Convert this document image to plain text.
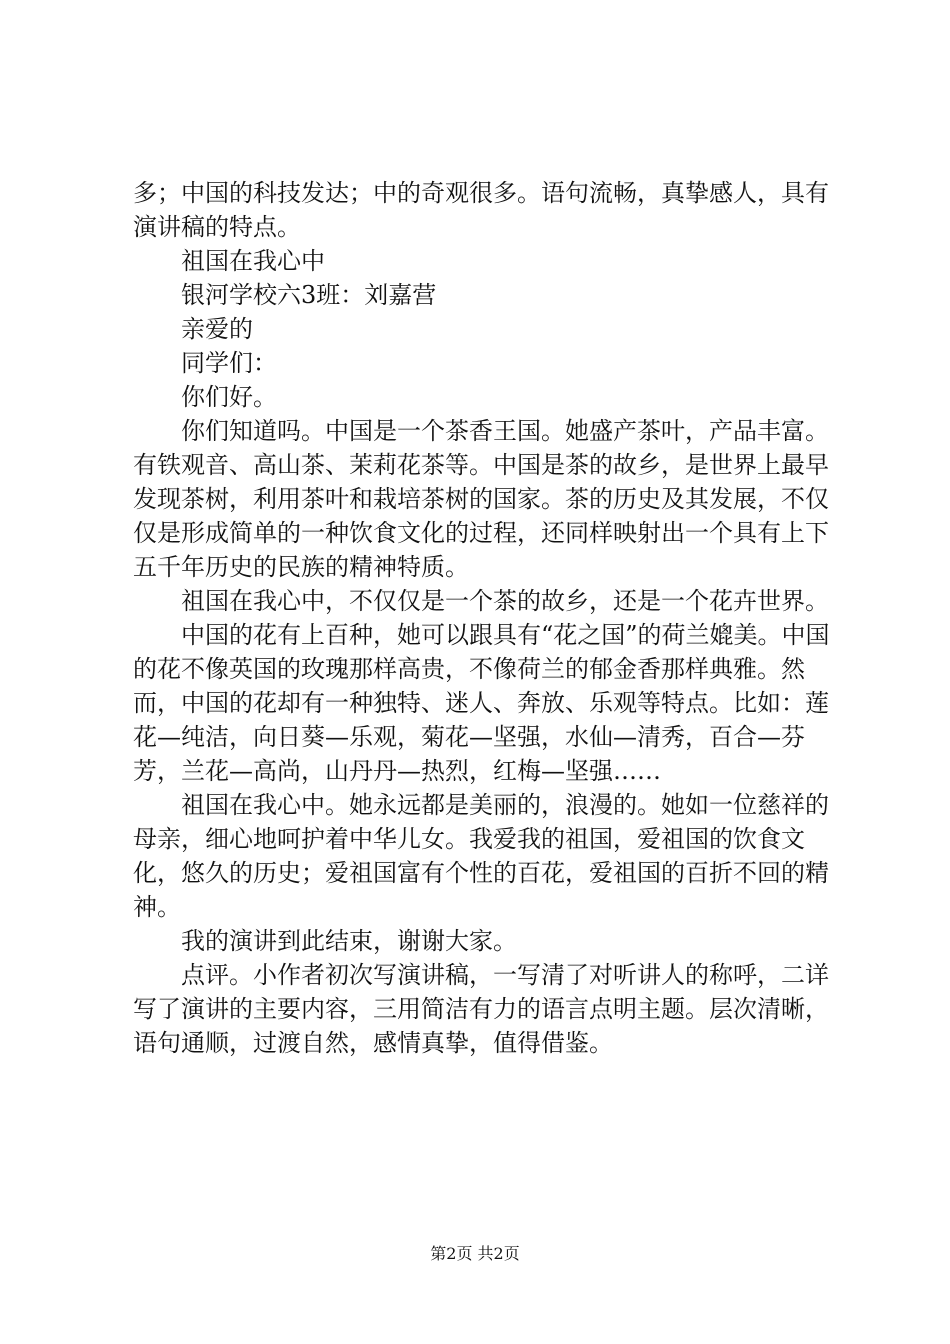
多；中国的科技发达；中的奇观很多。语句流畅，真挚感人，具有演讲稿的特点。

祖国在我心中

银河学校六3班：刘嘉营

亲爱的

同学们：

你们好。

你们知道吗。中国是一个茶香王国。她盛产茶叶，产品丰富。有铁观音、高山茶、茉莉花茶等。中国是茶的故乡，是世界上最早发现茶树，利用茶叶和栽培茶树的国家。茶的历史及其发展，不仅仅是形成简单的一种饮食文化的过程，还同样映射出一个具有上下五千年历史的民族的精神特质。

祖国在我心中，不仅仅是一个茶的故乡，还是一个花卉世界。

中国的花有上百种，她可以跟具有“花之国”的荷兰媲美。中国的花不像英国的玫瑰那样高贵，不像荷兰的郁金香那样典雅。然而，中国的花却有一种独特、迷人、奔放、乐观等特点。比如：莲花—纯洁，向日葵—乐观，菊花—坚强，水仙—清秀，百合—芬芳，兰花—高尚，山丹丹—热烈，红梅—坚强……

祖国在我心中。她永远都是美丽的，浪漫的。她如一位慈祥的母亲，细心地呵护着中华儿女。我爱我的祖国，爱祖国的饮食文化，悠久的历史；爱祖国富有个性的百花，爱祖国的百折不回的精神。

我的演讲到此结束，谢谢大家。

点评。小作者初次写演讲稿，一写清了对听讲人的称呼，二详写了演讲的主要内容，三用简洁有力的语言点明主题。层次清晰，语句通顺，过渡自然，感情真挚，值得借鉴。

第2页 共2页
